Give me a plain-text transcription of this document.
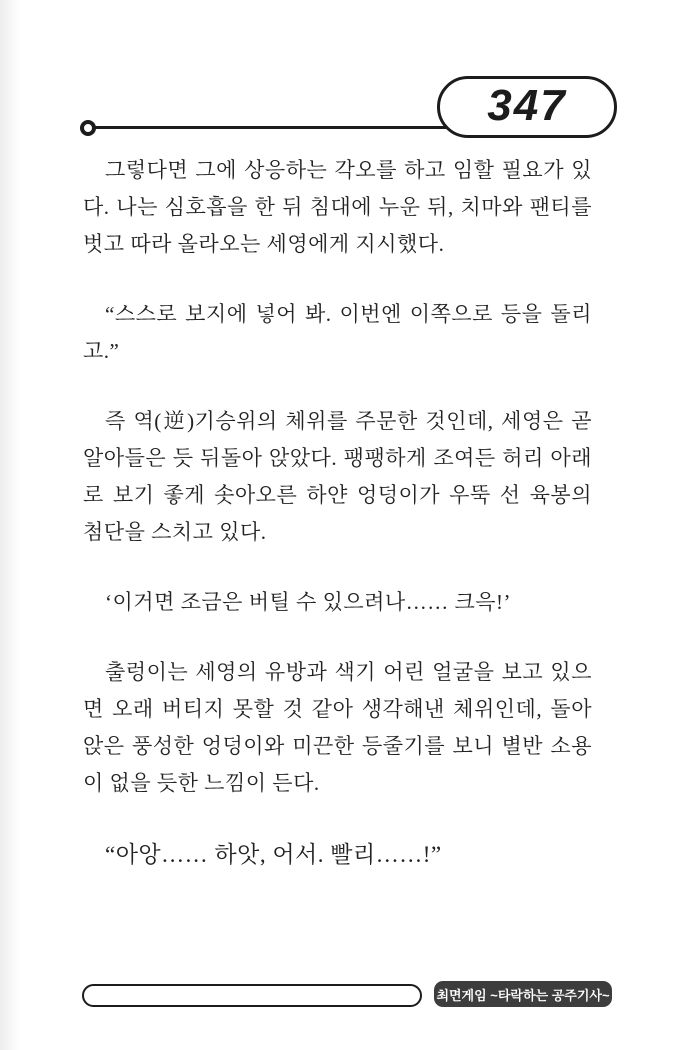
347

그렇다면 그에 상응하는 각오를 하고 임할 필요가 있다. 나는 심호흡을 한 뒤 침대에 누운 뒤, 치마와 팬티를 벗고 따라 올라오는 세영에게 지시했다.

“스스로 보지에 넣어 봐. 이번엔 이쪽으로 등을 돌리고.”

즉 역(逆)기승위의 체위를 주문한 것인데, 세영은 곧 알아들은 듯 뒤돌아 앉았다. 팽팽하게 조여든 허리 아래로 보기 좋게 솟아오른 하얀 엉덩이가 우뚝 선 육봉의 첨단을 스치고 있다.

‘이거면 조금은 버틸 수 있으려나…… 크윽!’

출렁이는 세영의 유방과 색기 어린 얼굴을 보고 있으면 오래 버티지 못할 것 같아 생각해낸 체위인데, 돌아앉은 풍성한 엉덩이와 미끈한 등줄기를 보니 별반 소용이 없을 듯한 느낌이 든다.

“아앙…… 하앗, 어서. 빨리……!”

최면게임 ~타락하는 공주기사~
